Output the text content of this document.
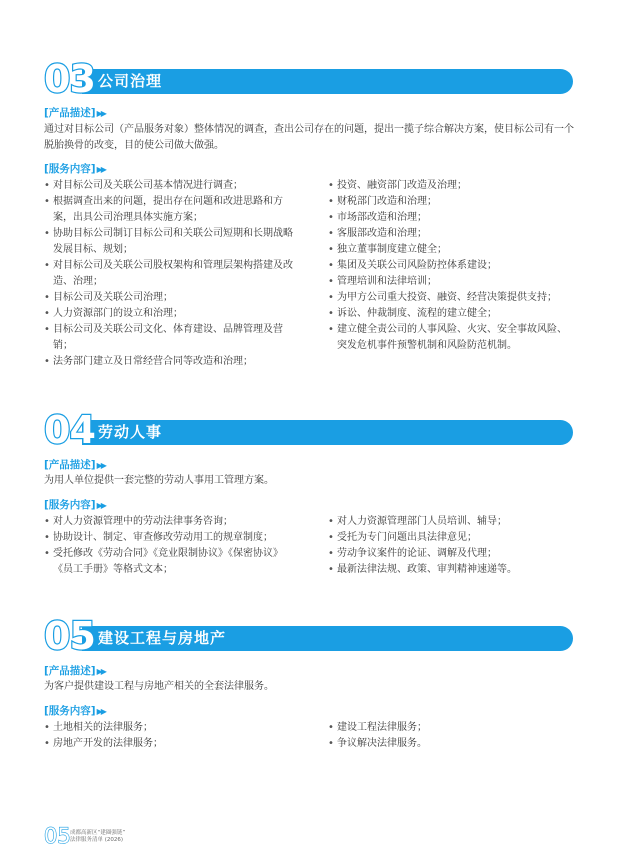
03 公司治理
[产品描述]▶▶
通过对目标公司（产品服务对象）整体情况的调查，查出公司存在的问题，提出一揽子综合解决方案，使目标公司有一个脱胎换骨的改变，目的使公司做大做强。
[服务内容]▶▶
• 对目标公司及关联公司基本情况进行调查；
• 根据调查出来的问题，提出存在问题和改进思路和方案，出具公司治理具体实施方案；
• 协助目标公司制订目标公司和关联公司短期和长期战略发展目标、规划；
• 对目标公司及关联公司股权架构和管理层架构搭建及改造、治理；
• 目标公司及关联公司治理；
• 人力资源部门的设立和治理；
• 目标公司及关联公司文化、体育建设、品牌管理及营销；
• 法务部门建立及日常经营合同等改造和治理；
• 投资、融资部门改造及治理；
• 财税部门改造和治理；
• 市场部改造和治理；
• 客服部改造和治理；
• 独立董事制度建立健全；
• 集团及关联公司风险防控体系建设；
• 管理培训和法律培训；
• 为甲方公司重大投资、融资、经营决策提供支持；
• 诉讼、仲裁制度、流程的建立健全；
• 建立健全责公司的人事风险、火灾、安全事故风险、突发危机事件预警机制和风险防范机制。
04 劳动人事
[产品描述]▶▶
为用人单位提供一套完整的劳动人事用工管理方案。
[服务内容]▶▶
• 对人力资源管理中的劳动法律事务咨询；
• 协助设计、制定、审查修改劳动用工的规章制度；
• 受托修改《劳动合同》《竞业限制协议》《保密协议》《员工手册》等格式文本；
• 对人力资源管理部门人员培训、辅导；
• 受托为专门问题出具法律意见；
• 劳动争议案件的论证、调解及代理；
• 最新法律法规、政策、审判精神速递等。
05 建设工程与房地产
[产品描述]▶▶
为客户提供建设工程与房地产相关的全套法律服务。
[服务内容]▶▶
• 土地相关的法律服务；
• 房地产开发的法律服务；
• 建设工程法律服务；
• 争议解决法律服务。
05 成都高新区“建圈强链”
法律服务清单 (2026)
